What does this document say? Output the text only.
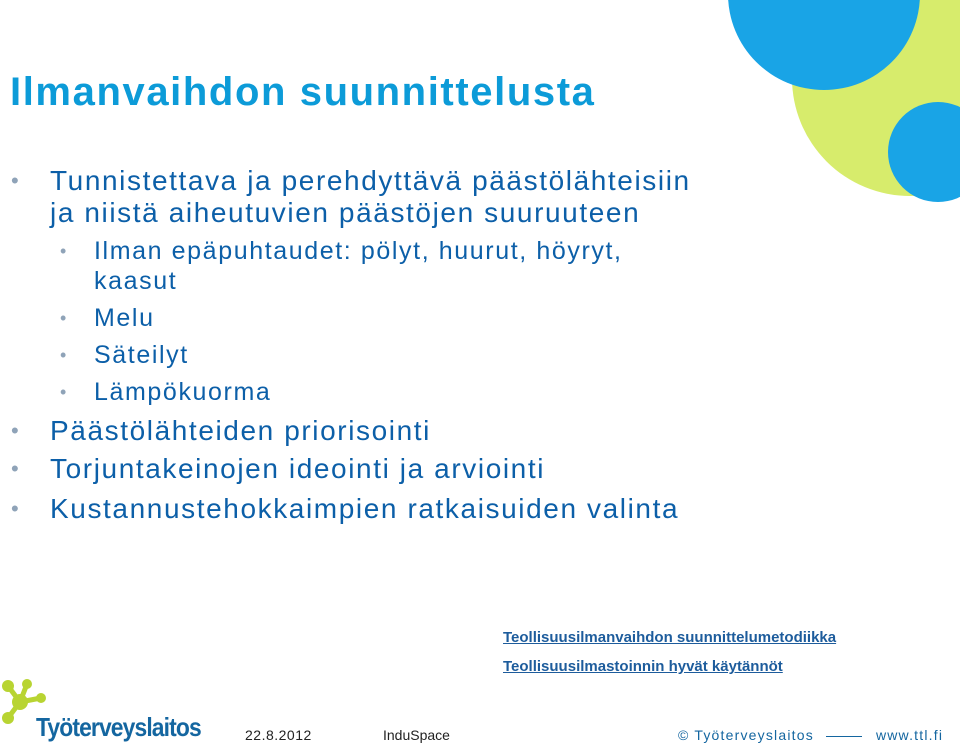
Ilmanvaihdon suunnittelusta
• Tunnistettava ja perehdyttävä päästölähteisiin ja niistä aiheutuvien päästöjen suuruuteen
• Ilman epäpuhtaudet: pölyt, huurut, höyryt, kaasut
• Melu
• Säteilyt
• Lämpökuorma
• Päästölähteiden priorisointi
• Torjuntakeinojen ideointi ja arviointi
• Kustannustehokkaimpien ratkaisuiden valinta
Teollisuusilmanvaihdon suunnittelumetodiikka
Teollisuusilmastoinnin hyvät käytännöt
Työterveyslaitos	22.8.2012	InduSpace	© Työterveyslaitos	www.ttl.fi
